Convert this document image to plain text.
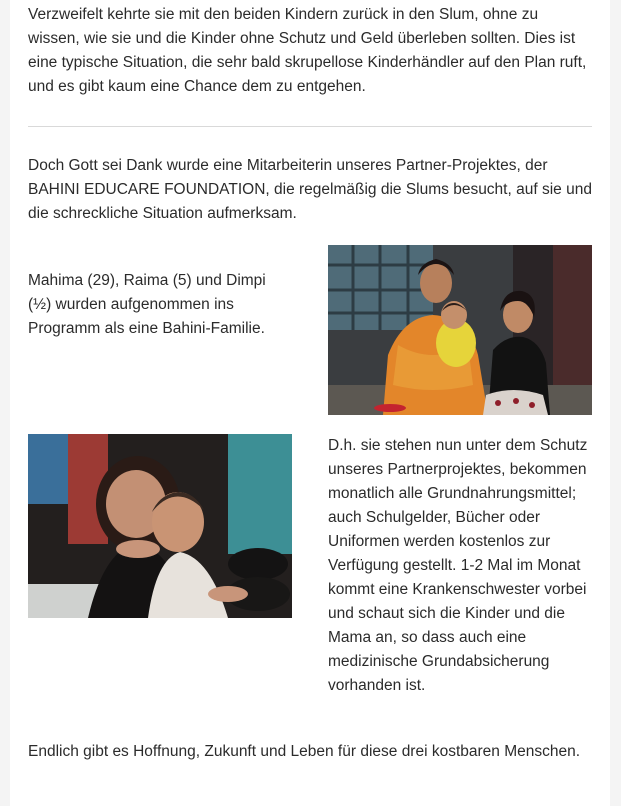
Verzweifelt kehrte sie mit den beiden Kindern zurück in den Slum, ohne zu wissen, wie sie und die Kinder ohne Schutz und Geld überleben sollten. Dies ist eine typische Situation, die sehr bald skrupellose Kinderhändler auf den Plan ruft, und es gibt kaum eine Chance dem zu entgehen.

Doch Gott sei Dank wurde eine Mitarbeiterin unseres Partner-Projektes, der BAHINI EDUCARE FOUNDATION, die regelmäßig die Slums besucht, auf sie und die schreckliche Situation aufmerksam.

Mahima (29), Raima (5) und Dimpi (½) wurden aufgenommen ins Programm als eine Bahini-Familie.

D.h. sie stehen nun unter dem Schutz unseres Partnerprojektes, bekommen monatlich alle Grundnahrungsmittel; auch Schulgelder, Bücher oder Uniformen werden kostenlos zur Verfügung gestellt. 1-2 Mal im Monat kommt eine Krankenschwester vorbei und schaut sich die Kinder und die Mama an, so dass auch eine medizinische Grundabsicherung vorhanden ist.

Endlich gibt es Hoffnung, Zukunft und Leben für diese drei kostbaren Menschen.
